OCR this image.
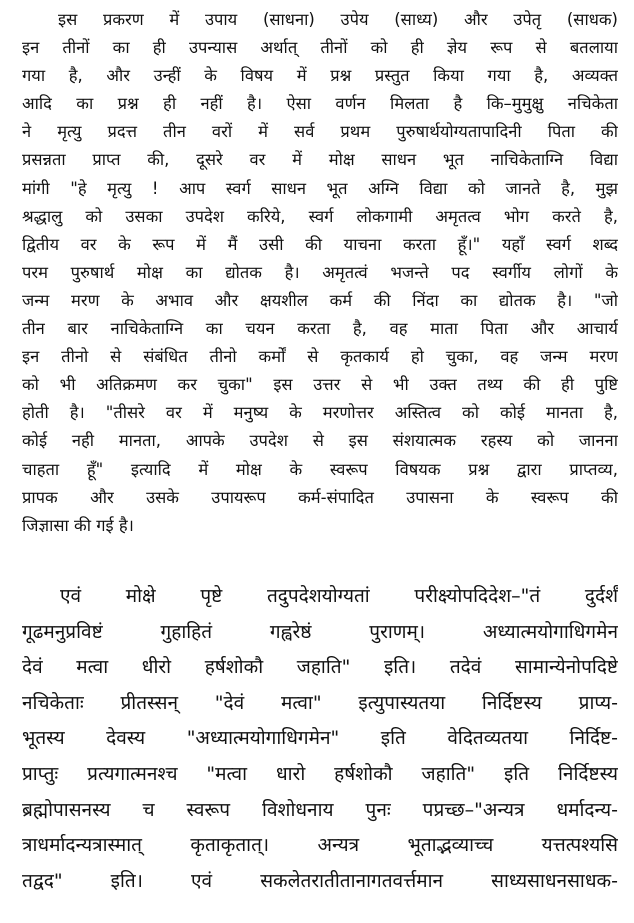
इस प्रकरण में उपाय (साधना) उपेय (साध्य) और उपेतृ (साधक)
इन तीनों का ही उपन्यास अर्थात् तीनों को ही ज्ञेय रूप से बतलाया
गया है, और उन्हीं के विषय में प्रश्न प्रस्तुत किया गया है, अव्यक्त
आदि का प्रश्न ही नहीं है। ऐसा वर्णन मिलता है कि–मुमुक्षु नचिकेता
ने मृत्यु प्रदत्त तीन वरों में सर्व प्रथम पुरुषार्थयोग्यतापादिनी पिता की
प्रसन्नता प्राप्त की, दूसरे वर में मोक्ष साधन भूत नाचिकेताग्नि विद्या
मांगी "हे मृत्यु ! आप स्वर्ग साधन भूत अग्नि विद्या को जानते है, मुझ
श्रद्धालु को उसका उपदेश करिये, स्वर्ग लोकगामी अमृतत्व भोग करते है,
द्वितीय वर के रूप में मैं उसी की याचना करता हूँ।" यहाँ स्वर्ग शब्द
परम पुरुषार्थ मोक्ष का द्योतक है। अमृतत्वं भजन्ते पद स्वर्गीय लोगों के
जन्म मरण के अभाव और क्षयशील कर्म की निंदा का द्योतक है। "जो
तीन बार नाचिकेताग्नि का चयन करता है, वह माता पिता और आचार्य
इन तीनो से संबंधित तीनो कर्मों से कृतकार्य हो चुका, वह जन्म मरण
को भी अतिक्रमण कर चुका" इस उत्तर से भी उक्त तथ्य की ही पुष्टि
होती है। "तीसरे वर में मनुष्य के मरणोत्तर अस्तित्व को कोई मानता है,
कोई नही मानता, आपके उपदेश से इस संशयात्मक रहस्य को जानना
चाहता हूँ" इत्यादि में मोक्ष के स्वरूप विषयक प्रश्न द्वारा प्राप्तव्य,
प्रापक और उसके उपायरूप कर्म-संपादित उपासना के स्वरूप की
जिज्ञासा की गई है।

एवं मोक्षे पृष्टे तदुपदेशयोग्यतां परीक्ष्योपदिदेश–"तं दुर्दर्शं
गूढमनुप्रविष्टं गुहाहितं गह्वरेष्ठं पुराणम्। अध्यात्मयोगाधिगमेन
देवं मत्वा धीरो हर्षशोकौ जहाति" इति। तदेवं सामान्येनोपदिष्टे
नचिकेताः प्रीतस्सन् "देवं मत्वा" इत्युपास्यतया निर्दिष्टस्य प्राप्य-
भूतस्य देवस्य "अध्यात्मयोगाधिगमेन" इति वेदितव्यतया निर्दिष्ट-
प्राप्तुः प्रत्यगात्मनश्च "मत्वा धारो हर्षशोकौ जहाति" इति निर्दिष्टस्य
ब्रह्मोपासनस्य च स्वरूप विशोधनाय पुनः पप्रच्छ–"अन्यत्र धर्मादन्य-
त्राधर्मादन्यत्रास्मात् कृताकृतात्। अन्यत्र भूताद्भव्याच्च यत्तत्पश्यसि
तद्वद" इति। एवं सकलेतरातीतानागतवर्त्तमान साध्यसाधनसाधक-
